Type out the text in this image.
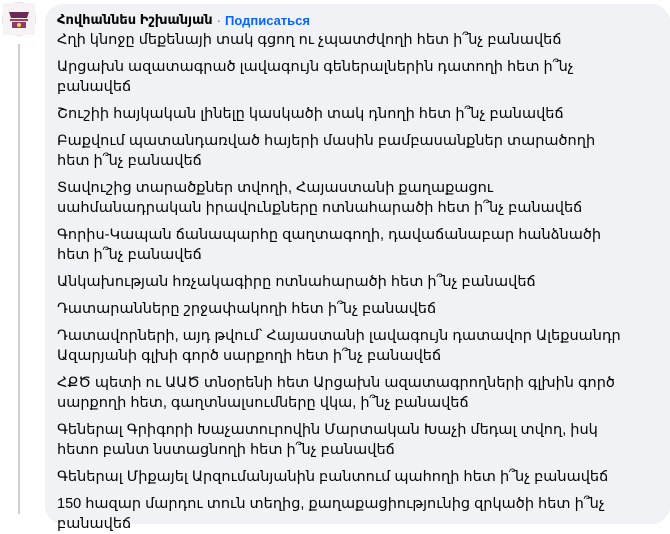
Հովհաննես Իշխանյան · Подписаться

Հղի կնոջը մեքենայի տակ գցող ու չպատժվողի հետ ի՞նչ բանավեճ

Արցախն ազատագրած լավագույն գեներալներին դատողի հետ ի՞նչ բանավեճ

Շուշիի հայկական լինելը կասկածի տակ դնողի հետ ի՞նչ բանավեճ

Բաքվում պատանդառված հայերի մասին բամբասանքներ տարածողի հետ ի՞նչ բանավեճ

Տավուշից տարածքներ տվողի, Հայաստանի քաղաքացու սահմանադրական իրավունքները ոտնահարածի հետ ի՞նչ բանավեճ

Գորիս-Կապան ճանապարհը զաղտագողի, դավաճանաբար հանձնածի հետ ի՞նչ բանավեճ

Անկախության հռչակագիրը ոտնահարածի հետ ի՞նչ բանավեճ

Դատարանները շրջափակողի հետ ի՞նչ բանավեճ

Դատավորների, այդ թվում՝ Հայաստանի լավագույն դատավոր Ալեքսանդր Ազարյանի գլխի գործ սարքողի հետ ի՞նչ բանավեճ

ՀՔԾ պետի ու ԱԱԾ տնօրենի հետ Արցախն ազատագրողների գլխին գործ սարքողի հետ, գաղտնալսումները վկա, ի՞նչ բանավեճ

Գեներալ Գրիգորի Խաչատուրովին Մարտական Խաչի մեդալ տվող, իսկ հետո բանտ նստացնողի հետ ի՞նչ բանավեճ

Գեներալ Միքայել Արզումանյանին բանտում պահողի հետ ի՞նչ բանավեճ

150 հազար մարդու տուն տեղից, քաղաքացիությունից զրկածի հետ ի՞նչ բանավեճ
